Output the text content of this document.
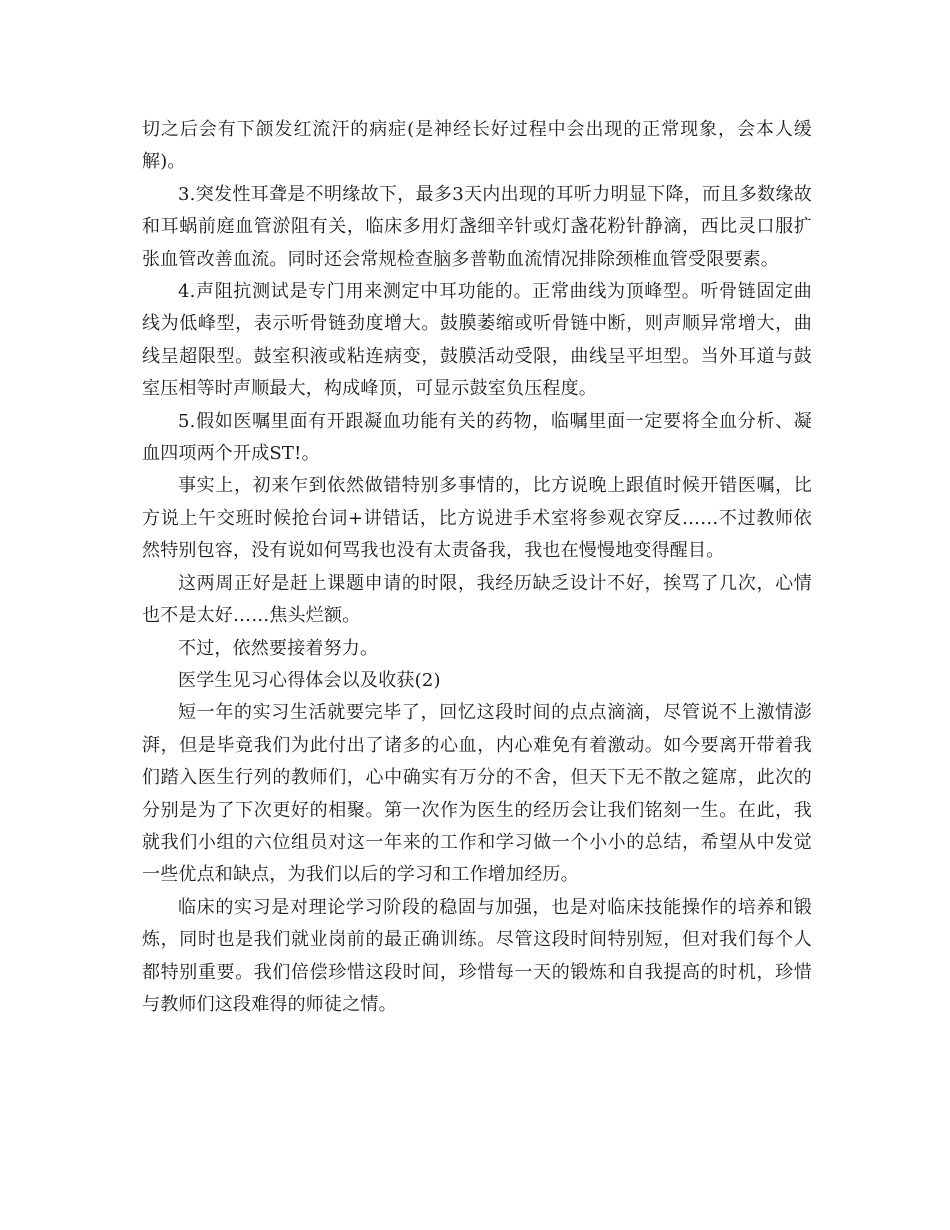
切之后会有下颌发红流汗的病症(是神经长好过程中会出现的正常现象，会本人缓解)。

3.突发性耳聋是不明缘故下，最多3天内出现的耳听力明显下降，而且多数缘故和耳蜗前庭血管淤阻有关，临床多用灯盏细辛针或灯盏花粉针静滴，西比灵口服扩张血管改善血流。同时还会常规检查脑多普勒血流情况排除颈椎血管受限要素。

4.声阻抗测试是专门用来测定中耳功能的。正常曲线为顶峰型。听骨链固定曲线为低峰型，表示听骨链劲度增大。鼓膜萎缩或听骨链中断，则声顺异常增大，曲线呈超限型。鼓室积液或粘连病变，鼓膜活动受限，曲线呈平坦型。当外耳道与鼓室压相等时声顺最大，构成峰顶，可显示鼓室负压程度。

5.假如医嘱里面有开跟凝血功能有关的药物，临嘱里面一定要将全血分析、凝血四项两个开成ST!。

事实上，初来乍到依然做错特别多事情的，比方说晚上跟值时候开错医嘱，比方说上午交班时候抢台词+讲错话，比方说进手术室将参观衣穿反……不过教师依然特别包容，没有说如何骂我也没有太责备我，我也在慢慢地变得醒目。

这两周正好是赶上课题申请的时限，我经历缺乏设计不好，挨骂了几次，心情也不是太好……焦头烂额。

不过，依然要接着努力。

医学生见习心得体会以及收获(2)

短一年的实习生活就要完毕了，回忆这段时间的点点滴滴，尽管说不上激情澎湃，但是毕竟我们为此付出了诸多的心血，内心难免有着激动。如今要离开带着我们踏入医生行列的教师们，心中确实有万分的不舍，但天下无不散之筵席，此次的分别是为了下次更好的相聚。第一次作为医生的经历会让我们铭刻一生。在此，我就我们小组的六位组员对这一年来的工作和学习做一个小小的总结，希望从中发觉一些优点和缺点，为我们以后的学习和工作增加经历。

临床的实习是对理论学习阶段的稳固与加强，也是对临床技能操作的培养和锻炼，同时也是我们就业岗前的最正确训练。尽管这段时间特别短，但对我们每个人都特别重要。我们倍偿珍惜这段时间，珍惜每一天的锻炼和自我提高的时机，珍惜与教师们这段难得的师徒之情。
